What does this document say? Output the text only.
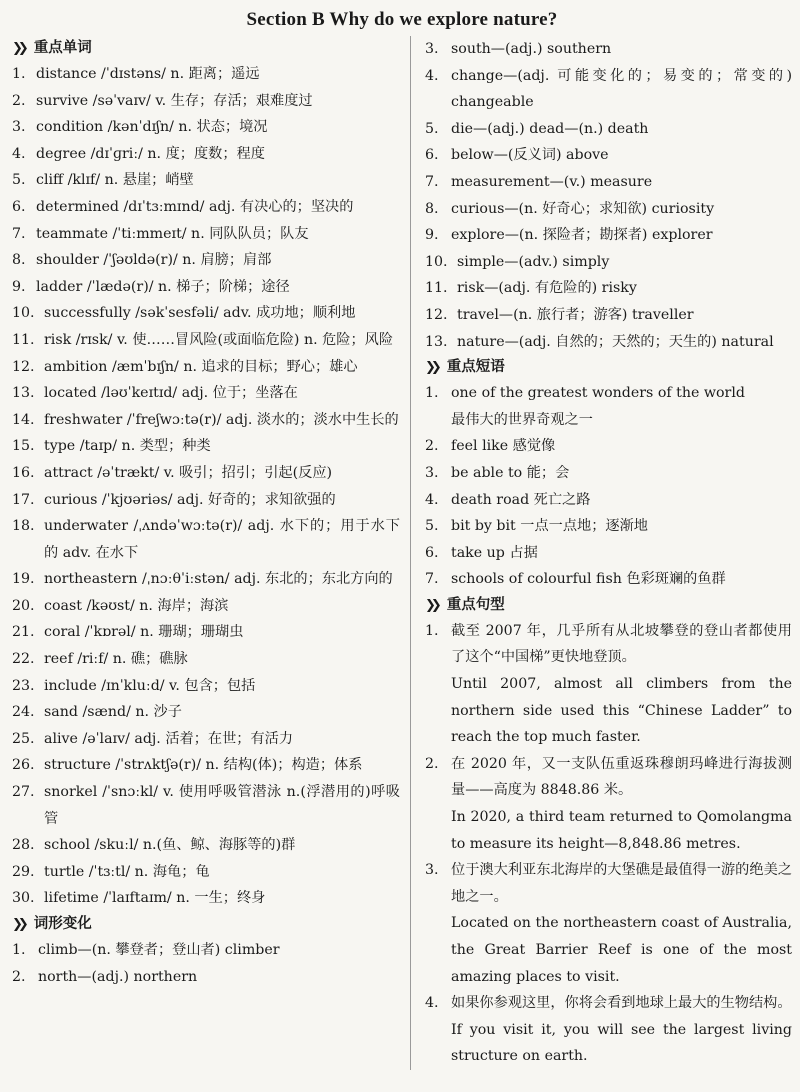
Section B Why do we explore nature?
❯❯ 重点单词
1. distance /ˈdɪstəns/ n. 距离；遥远
2. survive /səˈvaɪv/ v. 生存；存活；艰难度过
3. condition /kənˈdɪʃn/ n. 状态；境况
4. degree /dɪˈɡriː/ n. 度；度数；程度
5. cliff /klɪf/ n. 悬崖；峭壁
6. determined /dɪˈtɜːmɪnd/ adj. 有决心的；坚决的
7. teammate /ˈtiːmmeɪt/ n. 同队队员；队友
8. shoulder /ˈʃəʊldə(r)/ n. 肩膀；肩部
9. ladder /ˈlædə(r)/ n. 梯子；阶梯；途径
10. successfully /səkˈsesfəli/ adv. 成功地；顺利地
11. risk /rɪsk/ v. 使……冒风险(或面临危险) n. 危险；风险
12. ambition /æmˈbɪʃn/ n. 追求的目标；野心；雄心
13. located /ləʊˈkeɪtɪd/ adj. 位于；坐落在
14. freshwater /ˈfreʃwɔːtə(r)/ adj. 淡水的；淡水中生长的
15. type /taɪp/ n. 类型；种类
16. attract /əˈtrækt/ v. 吸引；招引；引起(反应)
17. curious /ˈkjʊəriəs/ adj. 好奇的；求知欲强的
18. underwater /ˌʌndəˈwɔːtə(r)/ adj. 水下的；用于水下的 adv. 在水下
19. northeastern /ˌnɔːθˈiːstən/ adj. 东北的；东北方向的
20. coast /kəʊst/ n. 海岸；海滨
21. coral /ˈkɒrəl/ n. 珊瑚；珊瑚虫
22. reef /riːf/ n. 礁；礁脉
23. include /ɪnˈkluːd/ v. 包含；包括
24. sand /sænd/ n. 沙子
25. alive /əˈlaɪv/ adj. 活着；在世；有活力
26. structure /ˈstrʌktʃə(r)/ n. 结构(体)；构造；体系
27. snorkel /ˈsnɔːkl/ v. 使用呼吸管潜泳 n.(浮潜用的)呼吸管
28. school /skuːl/ n.(鱼、鲸、海豚等的)群
29. turtle /ˈtɜːtl/ n. 海龟；龟
30. lifetime /ˈlaɪftaɪm/ n. 一生；终身
❯❯ 词形变化
1. climb—(n. 攀登者；登山者) climber
2. north—(adj.) northern
3. south—(adj.) southern
4. change—(adj. 可能变化的；易变的；常变的) changeable
5. die—(adj.) dead—(n.) death
6. below—(反义词) above
7. measurement—(v.) measure
8. curious—(n. 好奇心；求知欲) curiosity
9. explore—(n. 探险者；勘探者) explorer
10. simple—(adv.) simply
11. risk—(adj. 有危险的) risky
12. travel—(n. 旅行者；游客) traveller
13. nature—(adj. 自然的；天然的；天生的) natural
❯❯ 重点短语
1. one of the greatest wonders of the world
最伟大的世界奇观之一
2. feel like 感觉像
3. be able to 能；会
4. death road 死亡之路
5. bit by bit 一点一点地；逐渐地
6. take up 占据
7. schools of colourful fish 色彩斑斓的鱼群
❯❯ 重点句型
1. 截至 2007 年，几乎所有从北坡攀登的登山者都使用了这个“中国梯”更快地登顶。
Until 2007, almost all climbers from the northern side used this “Chinese Ladder” to reach the top much faster.
2. 在 2020 年，又一支队伍重返珠穆朗玛峰进行海拔测量——高度为 8848.86 米。
In 2020, a third team returned to Qomolangma to measure its height—8,848.86 metres.
3. 位于澳大利亚东北海岸的大堡礁是最值得一游的绝美之地之一。
Located on the northeastern coast of Australia, the Great Barrier Reef is one of the most amazing places to visit.
4. 如果你参观这里，你将会看到地球上最大的生物结构。
If you visit it, you will see the largest living structure on earth.
